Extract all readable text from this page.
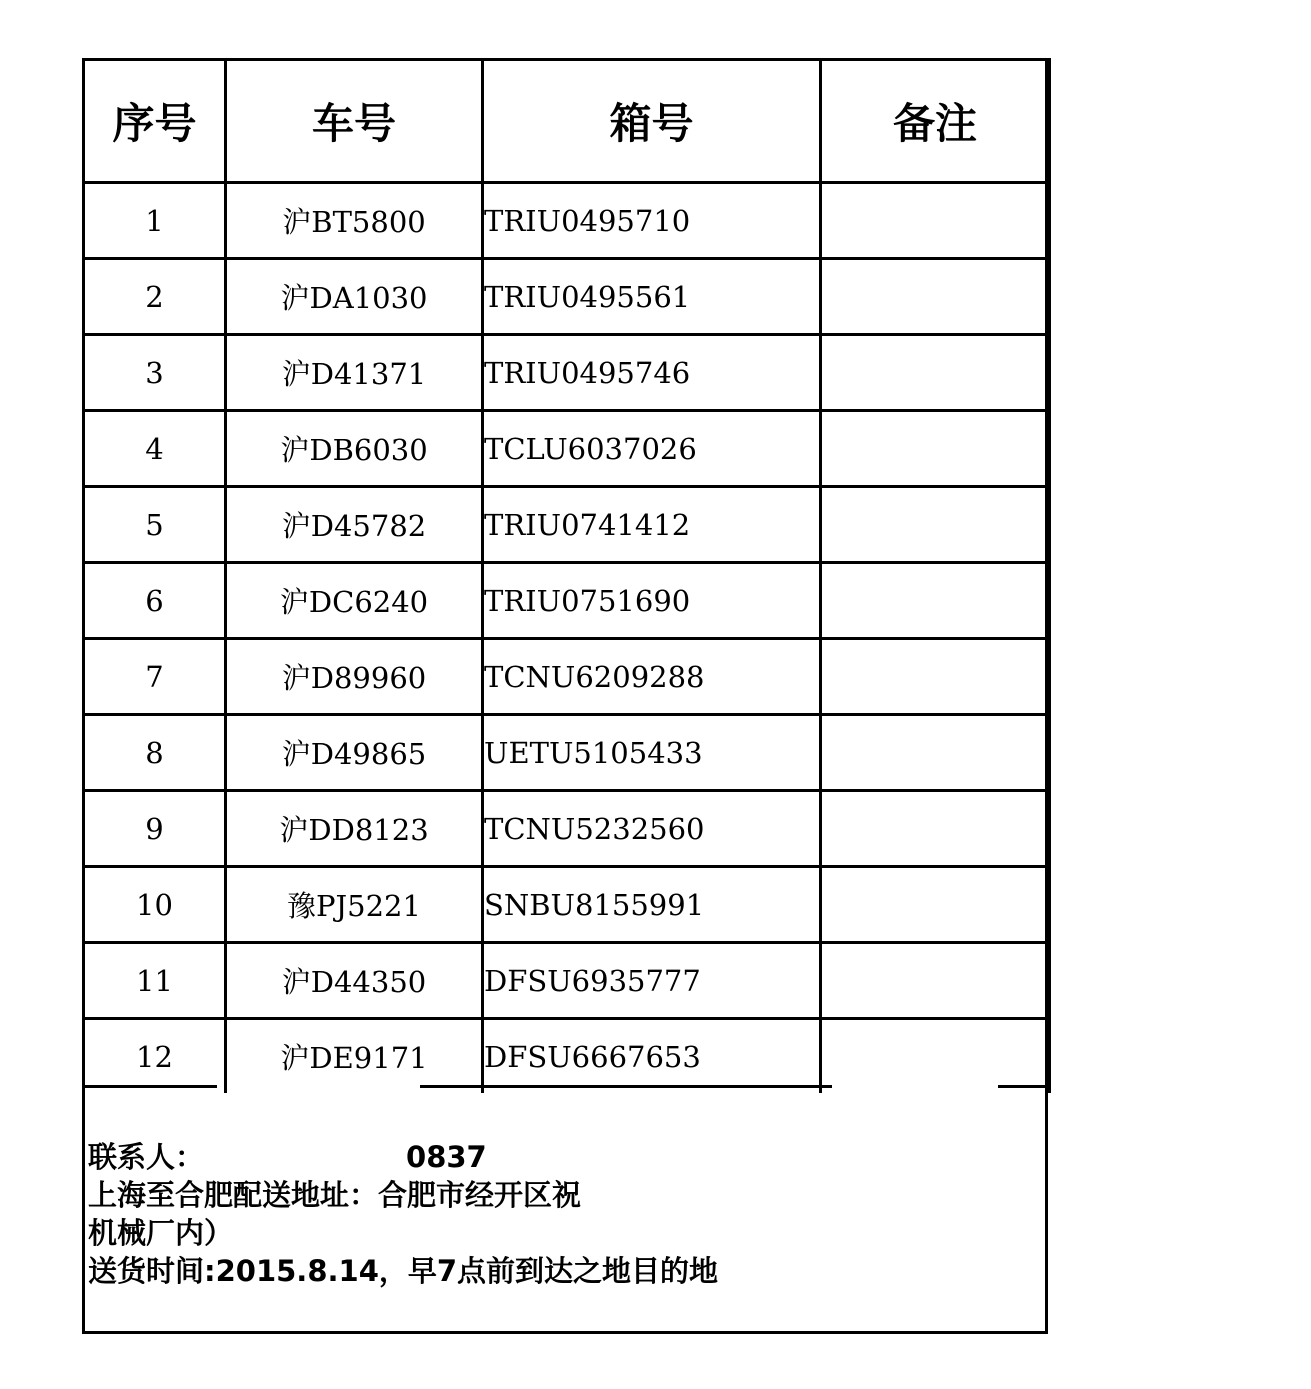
序号	车号	箱号	备注
1	沪BT5800	TRIU0495710	
2	沪DA1030	TRIU0495561	
3	沪D41371	TRIU0495746	
4	沪DB6030	TCLU6037026	
5	沪D45782	TRIU0741412	
6	沪DC6240	TRIU0751690	
7	沪D89960	TCNU6209288	
8	沪D49865	UETU5105433	
9	沪DD8123	TCNU5232560	
10	豫PJ5221	SNBU8155991	
11	沪D44350	DFSU6935777	
12	沪DE9171	DFSU6667653	
联系人：	0837
上海至合肥配送地址：合肥市经开区祝
机械厂内）
送货时间:2015.8.14，早7点前到达之地目的地
